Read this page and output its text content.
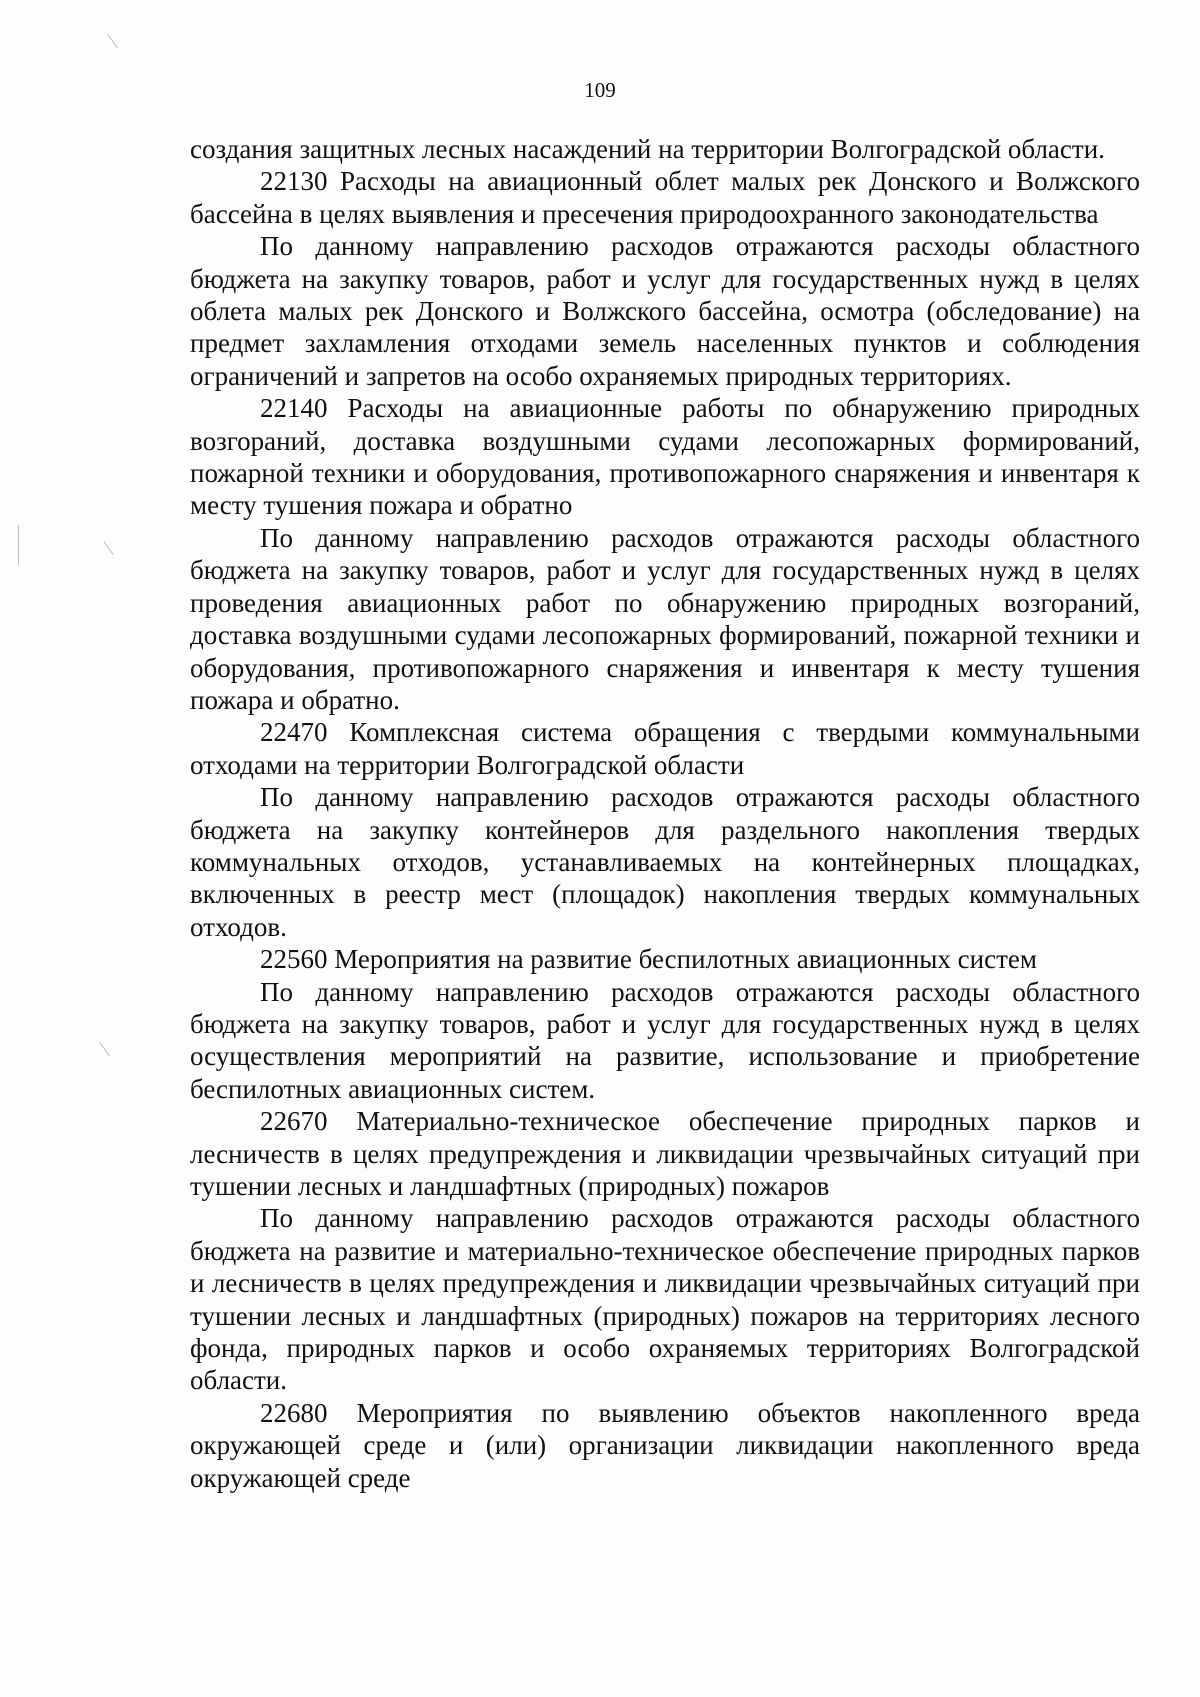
109

создания защитных лесных насаждений на территории Волгоградской области.

22130 Расходы на авиационный облет малых рек Донского и Волжского бассейна в целях выявления и пресечения природоохранного законодательства

По данному направлению расходов отражаются расходы областного бюджета на закупку товаров, работ и услуг для государственных нужд в целях облета малых рек Донского и Волжского бассейна, осмотра (обследование) на предмет захламления отходами земель населенных пунктов и соблюдения ограничений и запретов на особо охраняемых природных территориях.

22140 Расходы на авиационные работы по обнаружению природных возгораний, доставка воздушными судами лесопожарных формирований, пожарной техники и оборудования, противопожарного снаряжения и инвентаря к месту тушения пожара и обратно

По данному направлению расходов отражаются расходы областного бюджета на закупку товаров, работ и услуг для государственных нужд в целях проведения авиационных работ по обнаружению природных возгораний, доставка воздушными судами лесопожарных формирований, пожарной техники и оборудования, противопожарного снаряжения и инвентаря к месту тушения пожара и обратно.

22470 Комплексная система обращения с твердыми коммунальными отходами на территории Волгоградской области

По данному направлению расходов отражаются расходы областного бюджета на закупку контейнеров для раздельного накопления твердых коммунальных отходов, устанавливаемых на контейнерных площадках, включенных в реестр мест (площадок) накопления твердых коммунальных отходов.

22560 Мероприятия на развитие беспилотных авиационных систем

По данному направлению расходов отражаются расходы областного бюджета на закупку товаров, работ и услуг для государственных нужд в целях осуществления мероприятий на развитие, использование и приобретение беспилотных авиационных систем.

22670 Материально-техническое обеспечение природных парков и лесничеств в целях предупреждения и ликвидации чрезвычайных ситуаций при тушении лесных и ландшафтных (природных) пожаров

По данному направлению расходов отражаются расходы областного бюджета на развитие и материально-техническое обеспечение природных парков и лесничеств в целях предупреждения и ликвидации чрезвычайных ситуаций при тушении лесных и ландшафтных (природных) пожаров на территориях лесного фонда, природных парков и особо охраняемых территориях Волгоградской области.

22680 Мероприятия по выявлению объектов накопленного вреда окружающей среде и (или) организации ликвидации накопленного вреда окружающей среде
